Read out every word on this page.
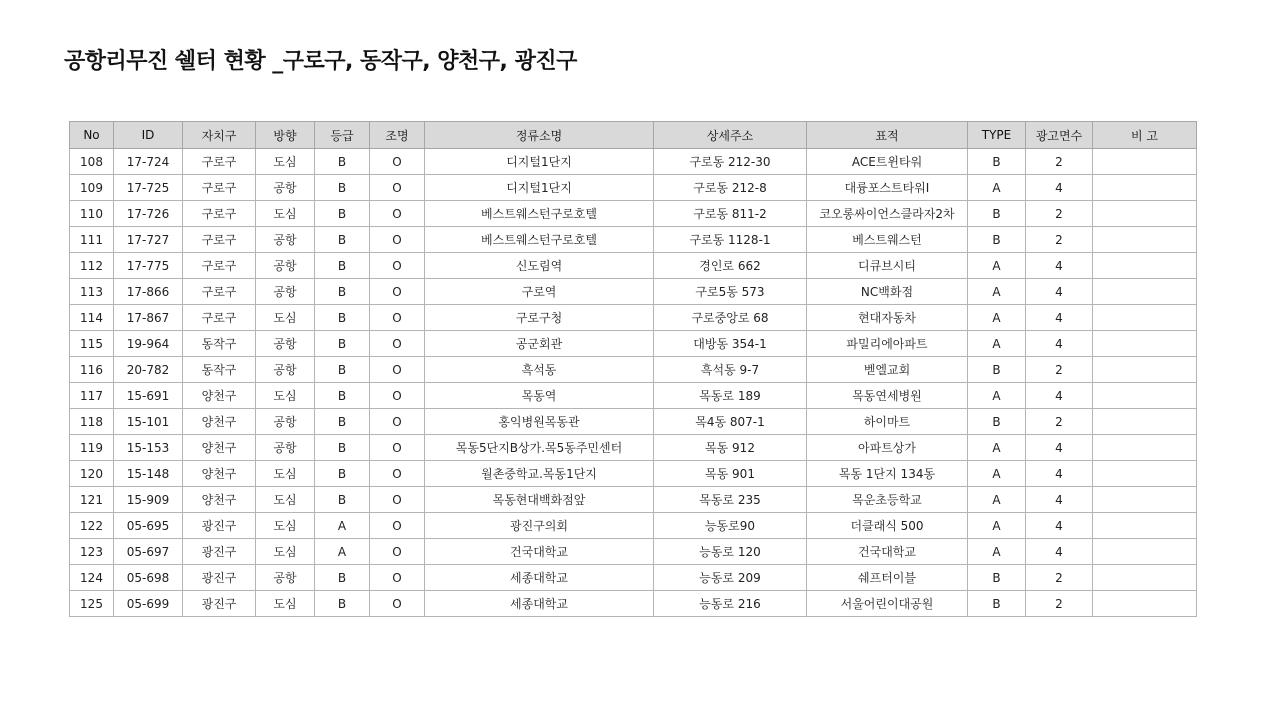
공항리무진 쉘터 현황 _구로구, 동작구, 양천구, 광진구
No	ID	자치구	방향	등급	조명	정류소명	상세주소	표적	TYPE	광고면수	비 고
108	17-724	구로구	도심	B	O	디지털1단지	구로동 212-30	ACE트윈타워	B	2	
109	17-725	구로구	공항	B	O	디지털1단지	구로동 212-8	대륭포스트타워I	A	4	
110	17-726	구로구	도심	B	O	베스트웨스턴구로호텔	구로동 811-2	코오롱싸이언스클라자2차	B	2	
111	17-727	구로구	공항	B	O	베스트웨스턴구로호텔	구로동 1128-1	베스트웨스턴	B	2	
112	17-775	구로구	공항	B	O	신도림역	경인로 662	디큐브시티	A	4	
113	17-866	구로구	공항	B	O	구로역	구로5동 573	NC백화점	A	4	
114	17-867	구로구	도심	B	O	구로구청	구로중앙로 68	현대자동차	A	4	
115	19-964	동작구	공항	B	O	공군회관	대방동 354-1	파밀리에아파트	A	4	
116	20-782	동작구	공항	B	O	흑석동	흑석동 9-7	벧엘교회	B	2	
117	15-691	양천구	도심	B	O	목동역	목동로 189	목동연세병원	A	4	
118	15-101	양천구	공항	B	O	홍익병원목동관	목4동 807-1	하이마트	B	2	
119	15-153	양천구	공항	B	O	목동5단지B상가.목5동주민센터	목동 912	아파트상가	A	4	
120	15-148	양천구	도심	B	O	월촌중학교.목동1단지	목동 901	목동 1단지 134동	A	4	
121	15-909	양천구	도심	B	O	목동현대백화점앞	목동로 235	목운초등학교	A	4	
122	05-695	광진구	도심	A	O	광진구의회	능동로90	더클래식 500	A	4	
123	05-697	광진구	도심	A	O	건국대학교	능동로 120	건국대학교	A	4	
124	05-698	광진구	공항	B	O	세종대학교	능동로 209	쉐프터이블	B	2	
125	05-699	광진구	도심	B	O	세종대학교	능동로 216	서울어린이대공원	B	2	
